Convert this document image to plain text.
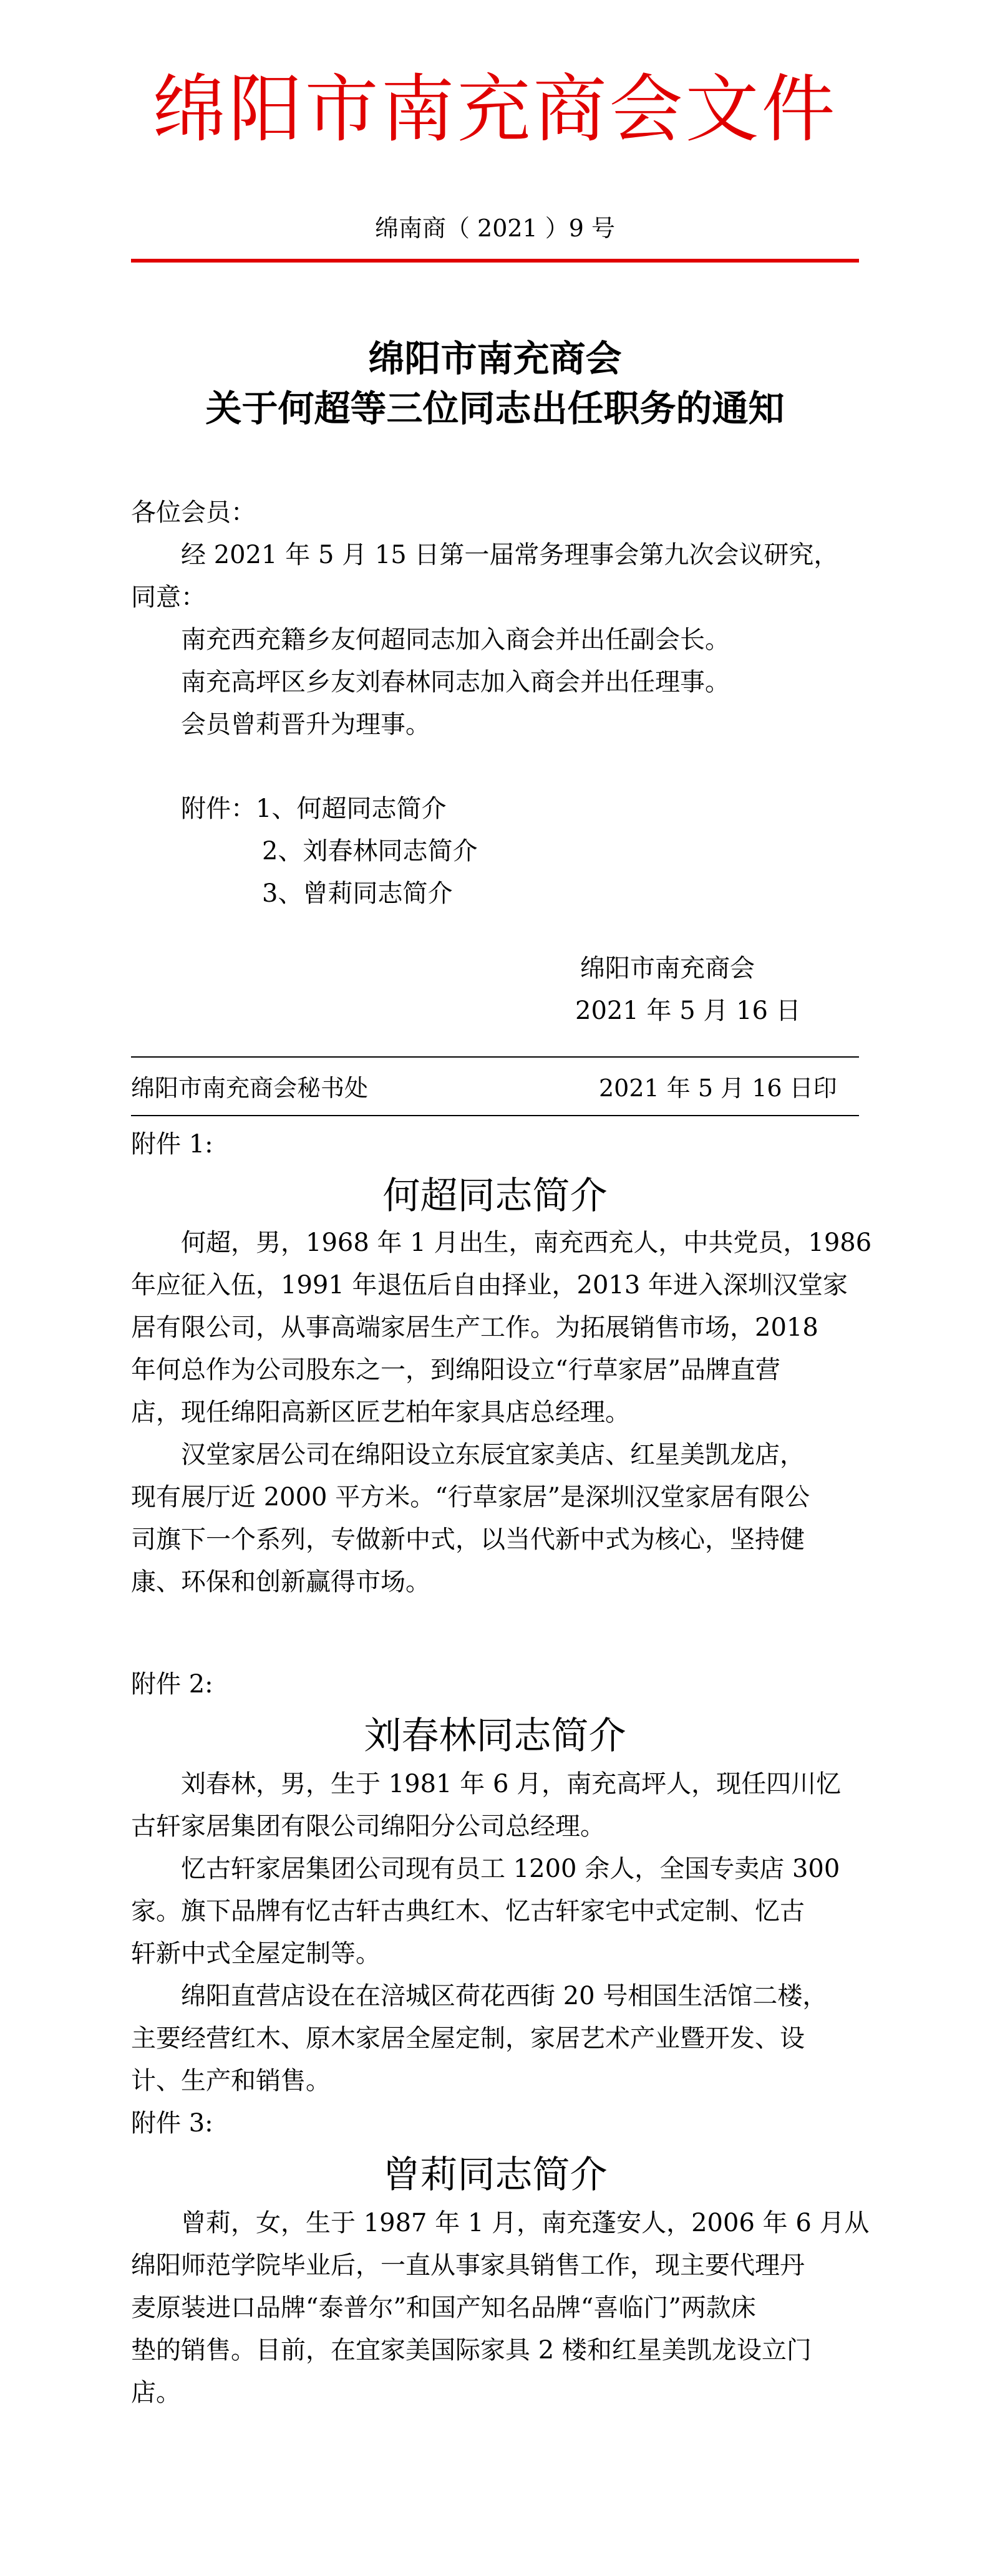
绵阳市南充商会文件
绵南商（ 2021 ）9 号
绵阳市南充商会
关于何超等三位同志出任职务的通知
各位会员：
经 2021 年 5 月 15 日第一届常务理事会第九次会议研究，
同意：
南充西充籍乡友何超同志加入商会并出任副会长。
南充高坪区乡友刘春林同志加入商会并出任理事。
会员曾莉晋升为理事。
附件：1、何超同志简介
2、刘春林同志简介
3、曾莉同志简介
绵阳市南充商会
2021 年 5 月 16 日
绵阳市南充商会秘书处	2021 年 5 月 16 日印
附件 1:
何超同志简介
何超，男，1968 年 1 月出生，南充西充人，中共党员，1986
年应征入伍，1991 年退伍后自由择业，2013 年进入深圳汉堂家
居有限公司，从事高端家居生产工作。为拓展销售市场，2018
年何总作为公司股东之一，到绵阳设立“行草家居”品牌直营
店，现任绵阳高新区匠艺柏年家具店总经理。
汉堂家居公司在绵阳设立东辰宜家美店、红星美凯龙店，
现有展厅近 2000 平方米。“行草家居”是深圳汉堂家居有限公
司旗下一个系列，专做新中式，以当代新中式为核心，坚持健
康、环保和创新赢得市场。
附件 2:
刘春林同志简介
刘春林，男，生于 1981 年 6 月，南充高坪人，现任四川忆
古轩家居集团有限公司绵阳分公司总经理。
忆古轩家居集团公司现有员工 1200 余人，全国专卖店 300
家。旗下品牌有忆古轩古典红木、忆古轩家宅中式定制、忆古
轩新中式全屋定制等。
绵阳直营店设在在涪城区荷花西街 20 号相国生活馆二楼，
主要经营红木、原木家居全屋定制，家居艺术产业暨开发、设
计、生产和销售。
附件 3:
曾莉同志简介
曾莉，女，生于 1987 年 1 月，南充蓬安人，2006 年 6 月从
绵阳师范学院毕业后，一直从事家具销售工作，现主要代理丹
麦原装进口品牌“泰普尔”和国产知名品牌“喜临门”两款床
垫的销售。目前，在宜家美国际家具 2 楼和红星美凯龙设立门
店。
